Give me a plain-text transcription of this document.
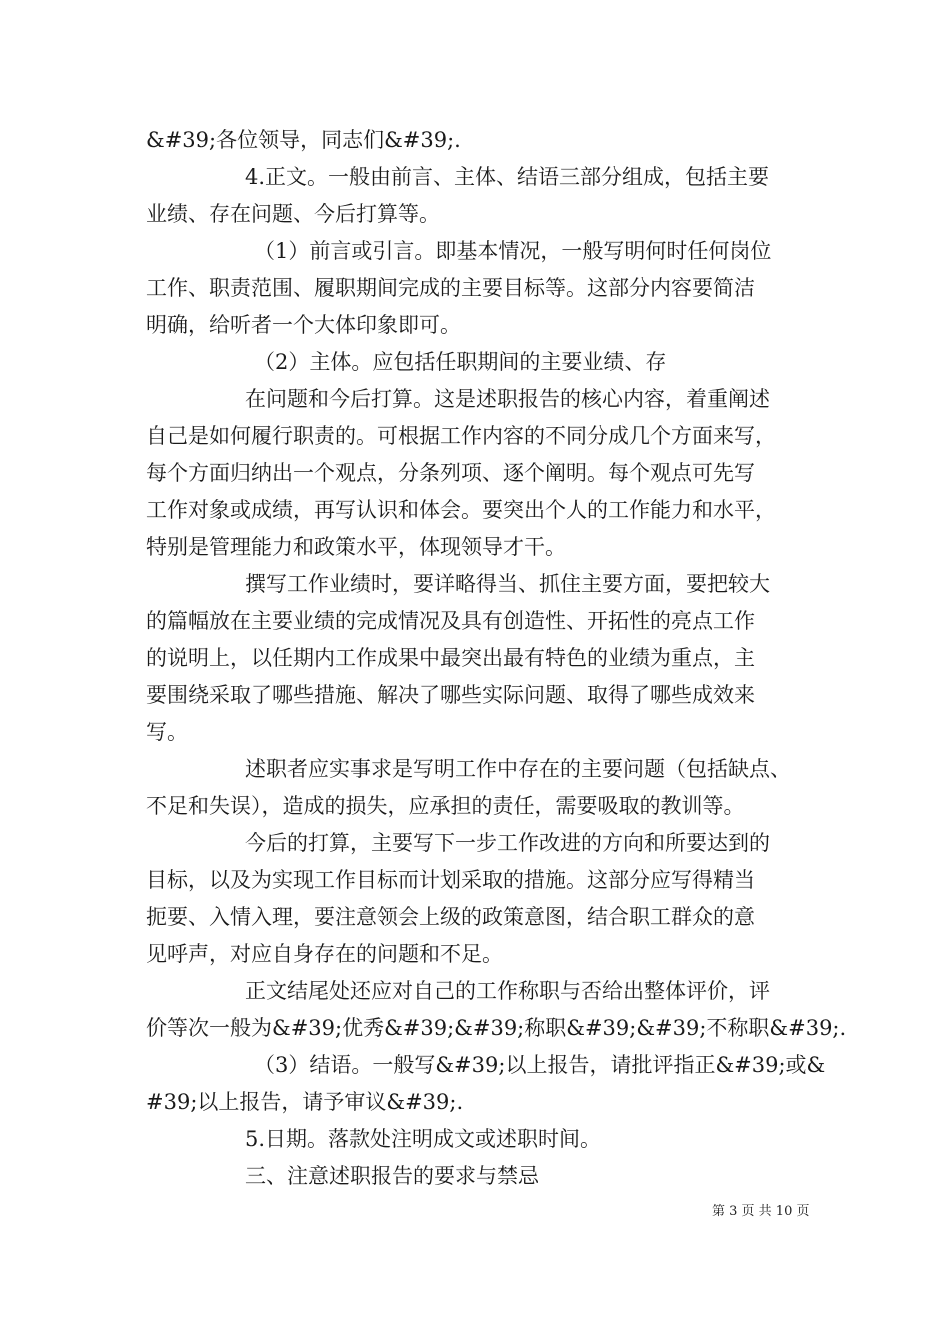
&#39;各位领导，同志们&#39;.
4.正文。一般由前言、主体、结语三部分组成，包括主要
业绩、存在问题、今后打算等。
（1）前言或引言。即基本情况，一般写明何时任何岗位
工作、职责范围、履职期间完成的主要目标等。这部分内容要简洁
明确，给听者一个大体印象即可。
（2）主体。应包括任职期间的主要业绩、存
在问题和今后打算。这是述职报告的核心内容，着重阐述
自己是如何履行职责的。可根据工作内容的不同分成几个方面来写，
每个方面归纳出一个观点，分条列项、逐个阐明。每个观点可先写
工作对象或成绩，再写认识和体会。要突出个人的工作能力和水平，
特别是管理能力和政策水平，体现领导才干。
撰写工作业绩时，要详略得当、抓住主要方面，要把较大
的篇幅放在主要业绩的完成情况及具有创造性、开拓性的亮点工作
的说明上，以任期内工作成果中最突出最有特色的业绩为重点，主
要围绕采取了哪些措施、解决了哪些实际问题、取得了哪些成效来
写。
述职者应实事求是写明工作中存在的主要问题（包括缺点、
不足和失误），造成的损失，应承担的责任，需要吸取的教训等。
今后的打算，主要写下一步工作改进的方向和所要达到的
目标，以及为实现工作目标而计划采取的措施。这部分应写得精当
扼要、入情入理，要注意领会上级的政策意图，结合职工群众的意
见呼声，对应自身存在的问题和不足。
正文结尾处还应对自己的工作称职与否给出整体评价，评
价等次一般为&#39;优秀&#39;&#39;称职&#39;&#39;不称职&#39;.
（3）结语。一般写&#39;以上报告，请批评指正&#39;或&
#39;以上报告，请予审议&#39;.
5.日期。落款处注明成文或述职时间。
三、注意述职报告的要求与禁忌
第 3 页 共 10 页
